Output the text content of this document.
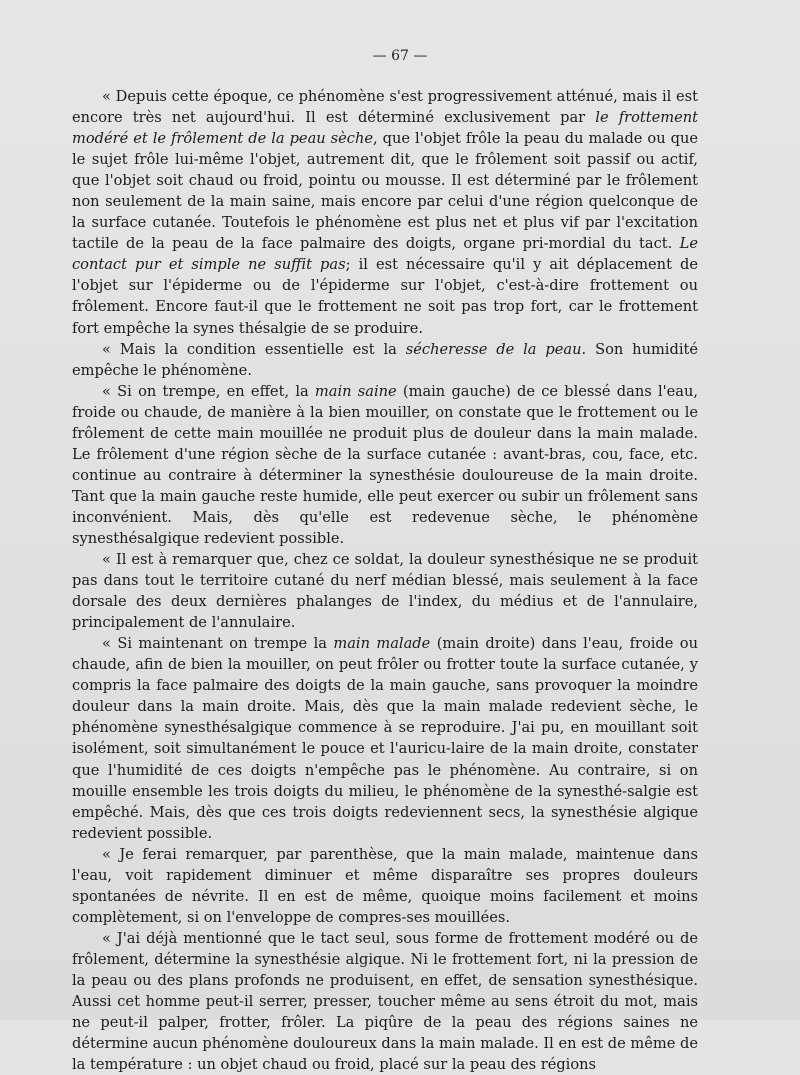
— 67 —

« Depuis cette époque, ce phénomène s'est progressivement atténué, mais il est encore très net aujourd'hui. Il est déterminé exclusivement par le frottement modéré et le frôlement de la peau sèche, que l'objet frôle la peau du malade ou que le sujet frôle lui-même l'objet, autrement dit, que le frôlement soit passif ou actif, que l'objet soit chaud ou froid, pointu ou mousse. Il est déterminé par le frôlement non seulement de la main saine, mais encore par celui d'une région quelconque de la surface cutanée. Toutefois le phénomène est plus net et plus vif par l'excitation tactile de la peau de la face palmaire des doigts, organe pri-mordial du tact. Le contact pur et simple ne suffit pas; il est nécessaire qu'il y ait déplacement de l'objet sur l'épiderme ou de l'épiderme sur l'objet, c'est-à-dire frottement ou frôlement. Encore faut-il que le frottement ne soit pas trop fort, car le frottement fort empêche la synes thésalgie de se produire.

« Mais la condition essentielle est la sécheresse de la peau. Son humidité empêche le phénomène.

« Si on trempe, en effet, la main saine (main gauche) de ce blessé dans l'eau, froide ou chaude, de manière à la bien mouiller, on constate que le frottement ou le frôlement de cette main mouillée ne produit plus de douleur dans la main malade. Le frôlement d'une région sèche de la surface cutanée : avant-bras, cou, face, etc. continue au contraire à déterminer la synesthésie douloureuse de la main droite. Tant que la main gauche reste humide, elle peut exercer ou subir un frôlement sans inconvénient. Mais, dès qu'elle est redevenue sèche, le phénomène synesthésalgique redevient possible.

« Il est à remarquer que, chez ce soldat, la douleur synesthésique ne se produit pas dans tout le territoire cutané du nerf médian blessé, mais seulement à la face dorsale des deux dernières phalanges de l'index, du médius et de l'annulaire, principalement de l'annulaire.

« Si maintenant on trempe la main malade (main droite) dans l'eau, froide ou chaude, afin de bien la mouiller, on peut frôler ou frotter toute la surface cutanée, y compris la face palmaire des doigts de la main gauche, sans provoquer la moindre douleur dans la main droite. Mais, dès que la main malade redevient sèche, le phénomène synesthésalgique commence à se reproduire. J'ai pu, en mouillant soit isolément, soit simultanément le pouce et l'auricu-laire de la main droite, constater que l'humidité de ces doigts n'empêche pas le phénomène. Au contraire, si on mouille ensemble les trois doigts du milieu, le phénomène de la synesthé-salgie est empêché. Mais, dès que ces trois doigts redeviennent secs, la synesthésie algique redevient possible.

« Je ferai remarquer, par parenthèse, que la main malade, maintenue dans l'eau, voit rapidement diminuer et même disparaître ses propres douleurs spontanées de névrite. Il en est de même, quoique moins facilement et moins complètement, si on l'enveloppe de compres-ses mouillées.

« J'ai déjà mentionné que le tact seul, sous forme de frottement modéré ou de frôlement, détermine la synesthésie algique. Ni le frottement fort, ni la pression de la peau ou des plans profonds ne produisent, en effet, de sensation synesthésique. Aussi cet homme peut-il serrer, presser, toucher même au sens étroit du mot, mais ne peut-il palper, frotter, frôler. La piqûre de la peau des régions saines ne détermine aucun phénomène douloureux dans la main malade. Il en est de même de la température : un objet chaud ou froid, placé sur la peau des régions
